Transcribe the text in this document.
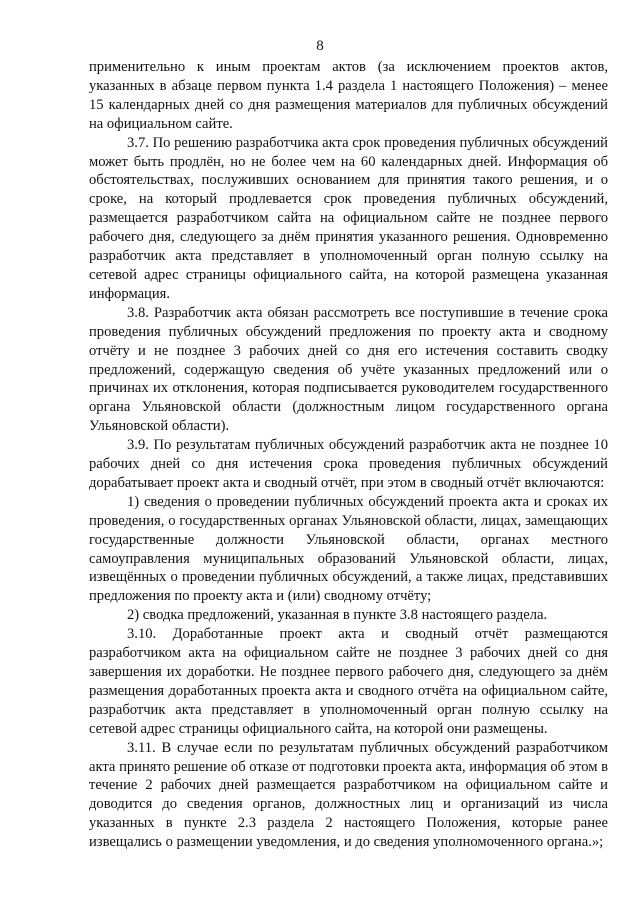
8

применительно к иным проектам актов (за исключением проектов актов, указанных в абзаце первом пункта 1.4 раздела 1 настоящего Положения) – менее 15 календарных дней со дня размещения материалов для публичных обсуждений на официальном сайте.

3.7. По решению разработчика акта срок проведения публичных обсуждений может быть продлён, но не более чем на 60 календарных дней. Информация об обстоятельствах, послуживших основанием для принятия такого решения, и о сроке, на который продлевается срок проведения публичных обсуждений, размещается разработчиком сайта на официальном сайте не позднее первого рабочего дня, следующего за днём принятия указанного решения. Одновременно разработчик акта представляет в уполномоченный орган полную ссылку на сетевой адрес страницы официального сайта, на которой размещена указанная информация.

3.8. Разработчик акта обязан рассмотреть все поступившие в течение срока проведения публичных обсуждений предложения по проекту акта и сводному отчёту и не позднее 3 рабочих дней со дня его истечения составить сводку предложений, содержащую сведения об учёте указанных предложений или о причинах их отклонения, которая подписывается руководителем государственного органа Ульяновской области (должностным лицом государственного органа Ульяновской области).

3.9. По результатам публичных обсуждений разработчик акта не позднее 10 рабочих дней со дня истечения срока проведения публичных обсуждений дорабатывает проект акта и сводный отчёт, при этом в сводный отчёт включаются:

1) сведения о проведении публичных обсуждений проекта акта и сроках их проведения, о государственных органах Ульяновской области, лицах, замещающих государственные должности Ульяновской области, органах местного самоуправления муниципальных образований Ульяновской области, лицах, извещённых о проведении публичных обсуждений, а также лицах, представивших предложения по проекту акта и (или) сводному отчёту;

2) сводка предложений, указанная в пункте 3.8 настоящего раздела.

3.10. Доработанные проект акта и сводный отчёт размещаются разработчиком акта на официальном сайте не позднее 3 рабочих дней со дня завершения их доработки. Не позднее первого рабочего дня, следующего за днём размещения доработанных проекта акта и сводного отчёта на официальном сайте, разработчик акта представляет в уполномоченный орган полную ссылку на сетевой адрес страницы официального сайта, на которой они размещены.

3.11. В случае если по результатам публичных обсуждений разработчиком акта принято решение об отказе от подготовки проекта акта, информация об этом в течение 2 рабочих дней размещается разработчиком на официальном сайте и доводится до сведения органов, должностных лиц и организаций из числа указанных в пункте 2.3 раздела 2 настоящего Положения, которые ранее извещались о размещении уведомления, и до сведения уполномоченного органа.»;
